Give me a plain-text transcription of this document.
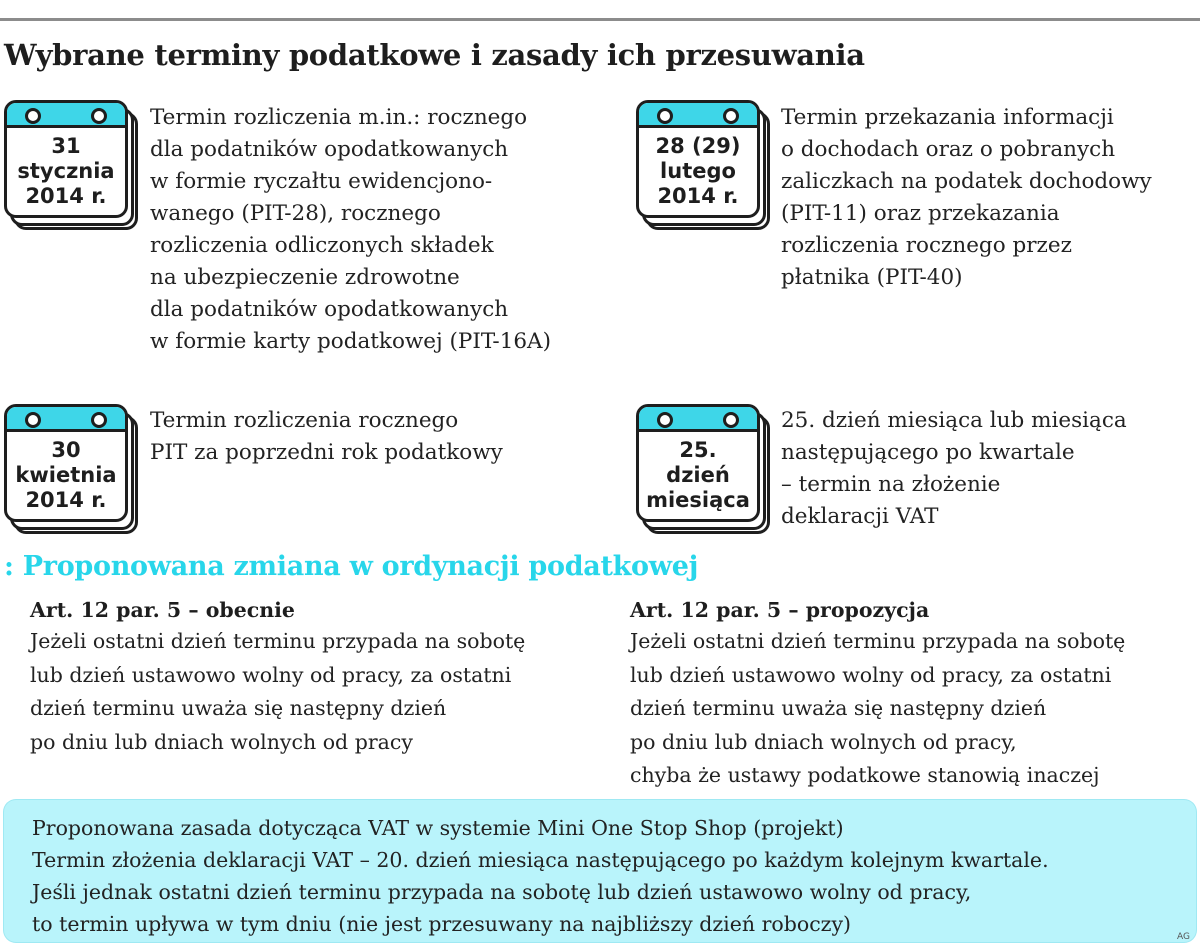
Wybrane terminy podatkowe i zasady ich przesuwania
31
stycznia
2014 r.
Termin rozliczenia m.in.: rocznego
dla podatników opodatkowanych
w formie ryczałtu ewidencjono-
wanego (PIT-28), rocznego
rozliczenia odliczonych składek
na ubezpieczenie zdrowotne
dla podatników opodatkowanych
w formie karty podatkowej (PIT-16A)
28 (29)
lutego
2014 r.
Termin przekazania informacji
o dochodach oraz o pobranych
zaliczkach na podatek dochodowy
(PIT-11) oraz przekazania
rozliczenia rocznego przez
płatnika (PIT-40)
30
kwietnia
2014 r.
Termin rozliczenia rocznego
PIT za poprzedni rok podatkowy	25.
dzień
miesiąca
25. dzień miesiąca lub miesiąca
następującego po kwartale
– termin na złożenie
deklaracji VAT
: Proponowana zmiana w ordynacji podatkowej
Art. 12 par. 5 – obecnie
Jeżeli ostatni dzień terminu przypada na sobotę
lub dzień ustawowo wolny od pracy, za ostatni
dzień terminu uważa się następny dzień
po dniu lub dniach wolnych od pracy
Art. 12 par. 5 – propozycja
Jeżeli ostatni dzień terminu przypada na sobotę
lub dzień ustawowo wolny od pracy, za ostatni
dzień terminu uważa się następny dzień
po dniu lub dniach wolnych od pracy,
chyba że ustawy podatkowe stanowią inaczej
Proponowana zasada dotycząca VAT w systemie Mini One Stop Shop (projekt)
Termin złożenia deklaracji VAT – 20. dzień miesiąca następującego po każdym kolejnym kwartale.
Jeśli jednak ostatni dzień terminu przypada na sobotę lub dzień ustawowo wolny od pracy,
to termin upływa w tym dniu (nie jest przesuwany na najbliższy dzień roboczy)
AG
